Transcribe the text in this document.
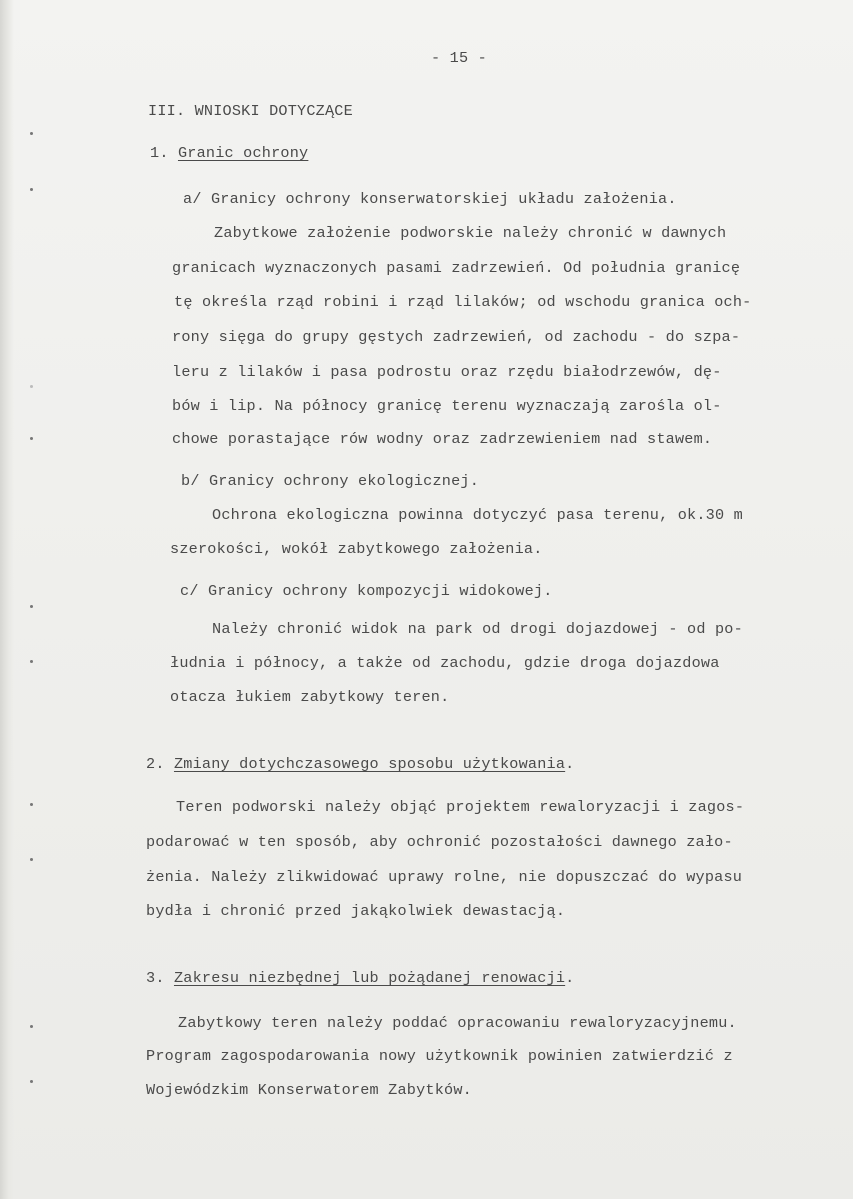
- 15 -
III. WNIOSKI DOTYCZĄCE
1. Granic ochrony
a/ Granicy ochrony konserwatorskiej układu założenia.
Zabytkowe założenie podworskie należy chronić w dawnych
granicach wyznaczonych pasami zadrzewień. Od południa granicę
tę określa rząd robini i rząd lilaków; od wschodu granica och-
rony sięga do grupy gęstych zadrzewień, od zachodu - do szpa-
leru z lilaków i pasa podrostu oraz rzędu białodrzewów, dę-
bów i lip. Na północy granicę terenu wyznaczają zarośla ol-
chowe porastające rów wodny oraz zadrzewieniem nad stawem.
b/ Granicy ochrony ekologicznej.
Ochrona ekologiczna powinna dotyczyć pasa terenu, ok.30 m
szerokości, wokół zabytkowego założenia.
c/ Granicy ochrony kompozycji widokowej.
Należy chronić widok na park od drogi dojazdowej - od po-
łudnia i północy, a także od zachodu, gdzie droga dojazdowa
otacza łukiem zabytkowy teren.
2. Zmiany dotychczasowego sposobu użytkowania.
Teren podworski należy objąć projektem rewaloryzacji i zagos-
podarować w ten sposób, aby ochronić pozostałości dawnego zało-
żenia. Należy zlikwidować uprawy rolne, nie dopuszczać do wypasu
bydła i chronić przed jakąkolwiek dewastacją.
3. Zakresu niezbędnej lub pożądanej renowacji.
Zabytkowy teren należy poddać opracowaniu rewaloryzacyjnemu.
Program zagospodarowania nowy użytkownik powinien zatwierdzić z
Wojewódzkim Konserwatorem Zabytków.
